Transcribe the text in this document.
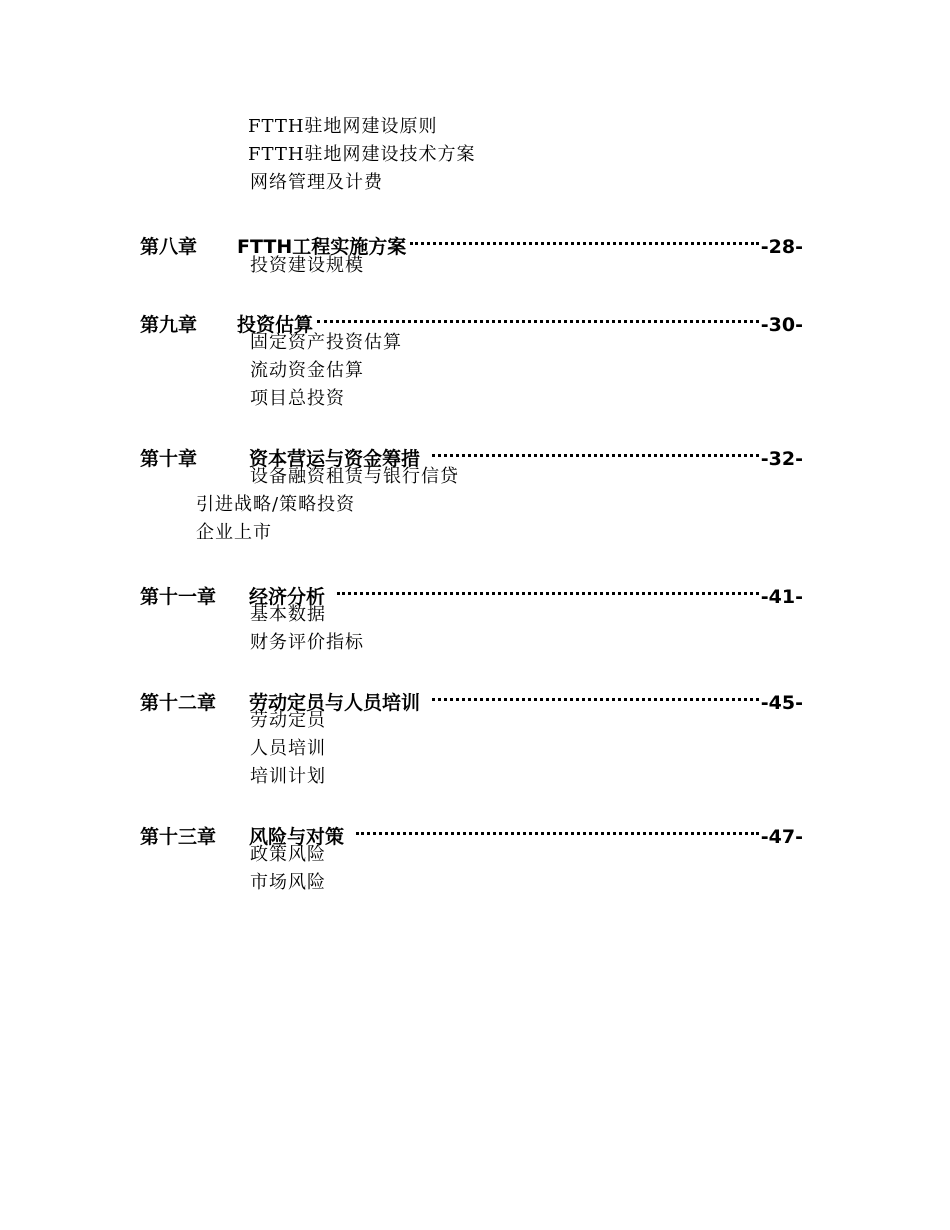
FTTH驻地网建设原则
FTTH驻地网建设技术方案
网络管理及计费
第八章	FTTH工程实施方案	-28-
投资建设规模
第九章	投资估算	-30-
固定资产投资估算
流动资金估算
项目总投资
第十章	资本营运与资金筹措	-32-
设备融资租赁与银行信贷
引进战略/策略投资
企业上市
第十一章	经济分析	-41-
基本数据
财务评价指标
第十二章	劳动定员与人员培训	-45-
劳动定员
人员培训
培训计划
第十三章	风险与对策	-47-
政策风险
市场风险
